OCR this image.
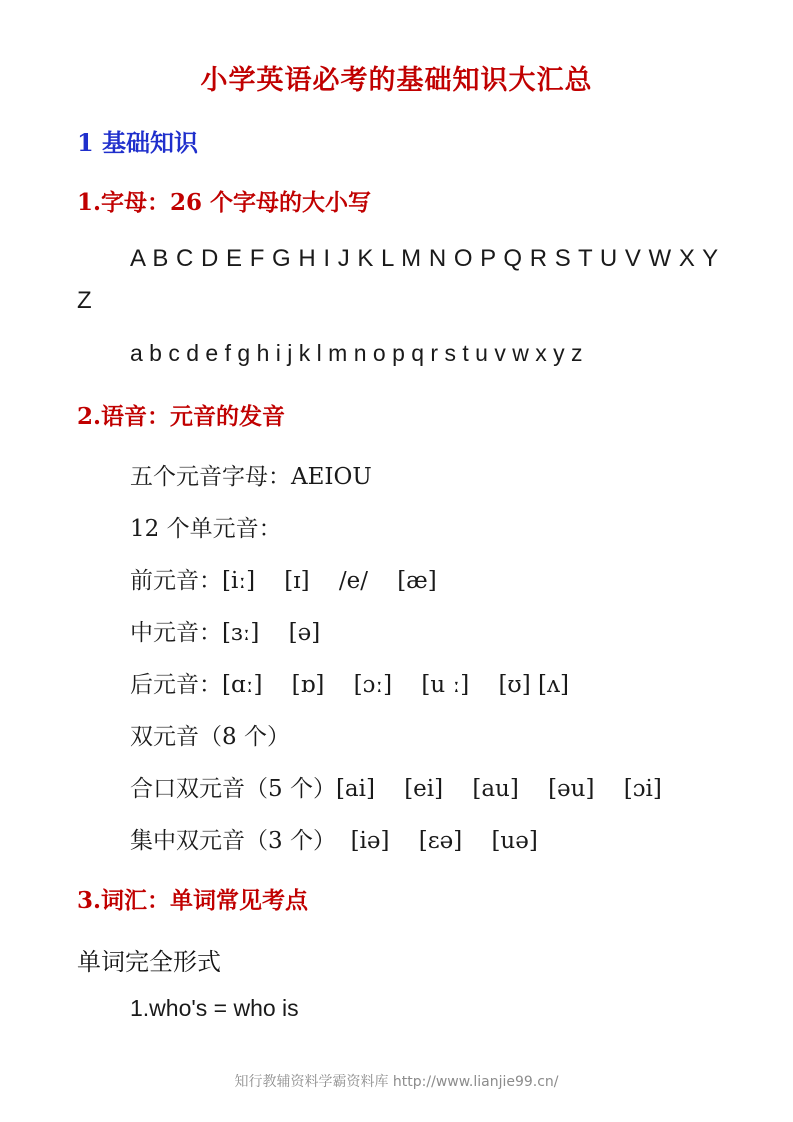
小学英语必考的基础知识大汇总
1 基础知识
1.字母：26 个字母的大小写
A B C D E F G H I J K L M N O P Q R S T U V W X Y Z
a b c d e f g h i j k l m n o p q r s t u v w x y z
2.语音：元音的发音
五个元音字母：AEIOU
12 个单元音：
前元音：[iː]    [ɪ]    /e/    [æ]
中元音：[ɜː]    [ə]
后元音：[ɑː]    [ɒ]    [ɔː]    [u ː]    [ʊ] [ʌ]
双元音（8 个）
合口双元音（5 个）[ai]    [ei]    [au]    [əu]    [ɔi]
集中双元音（3 个）  [iə]    [ɛə]    [uə]
3.词汇：单词常见考点
单词完全形式
1.who's = who is
知行教辅资料学霸资料库 http://www.lianjie99.cn/
